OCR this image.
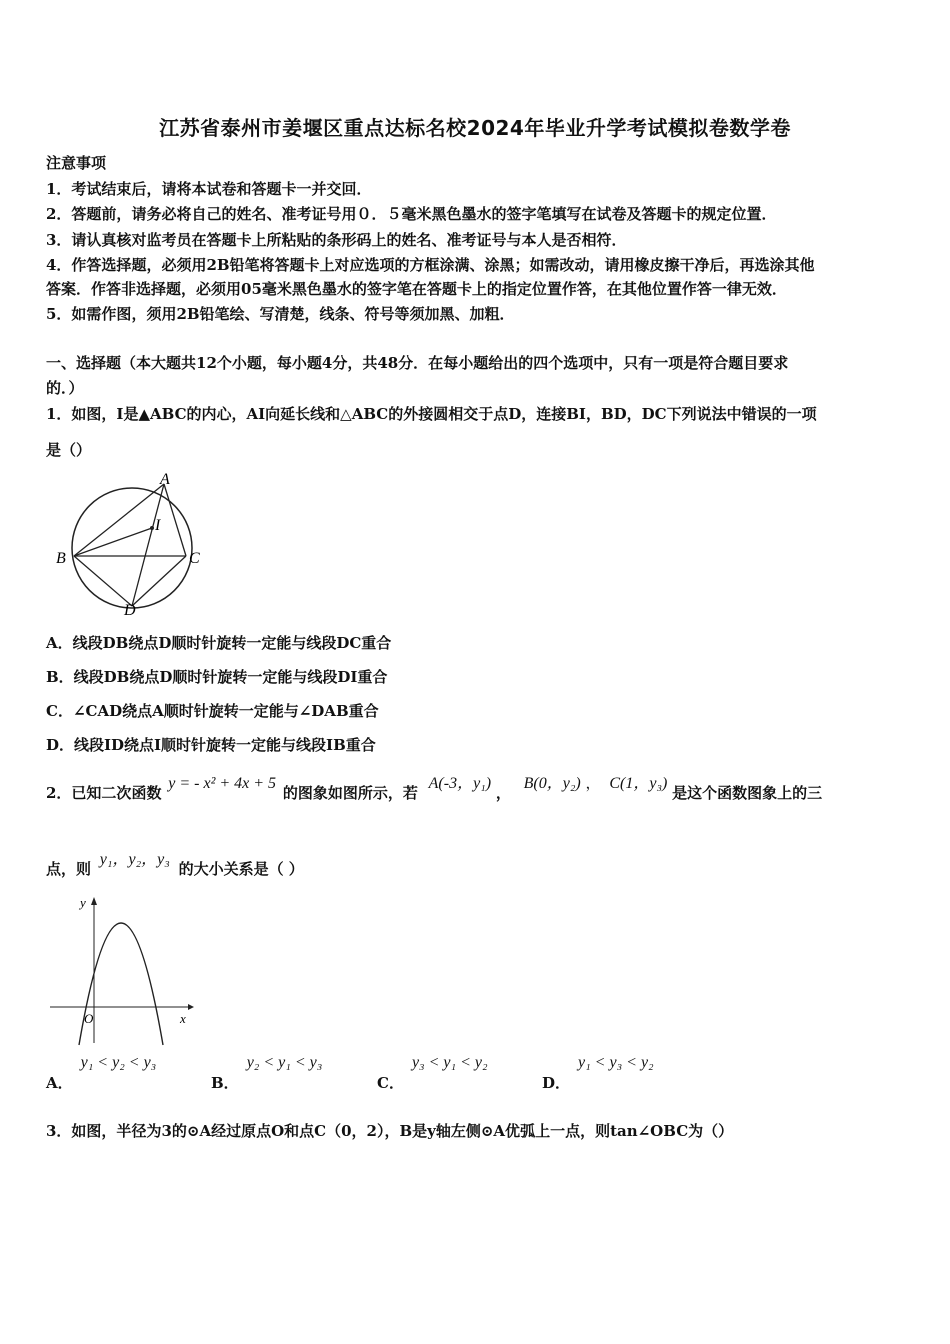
江苏省泰州市姜堰区重点达标名校2024年毕业升学考试模拟卷数学卷
注意事项
1．考试结束后，请将本试卷和答题卡一并交回．
2．答题前，请务必将自己的姓名、准考证号用０．５毫米黑色墨水的签字笔填写在试卷及答题卡的规定位置．
3．请认真核对监考员在答题卡上所粘贴的条形码上的姓名、准考证号与本人是否相符．
4．作答选择题，必须用2B铅笔将答题卡上对应选项的方框涂满、涂黑；如需改动，请用橡皮擦干净后，再选涂其他
答案．作答非选择题，必须用05毫米黑色墨水的签字笔在答题卡上的指定位置作答，在其他位置作答一律无效．
5．如需作图，须用2B铅笔绘、写清楚，线条、符号等须加黑、加粗．
一、选择题（本大题共12个小题，每小题4分，共48分．在每小题给出的四个选项中，只有一项是符合题目要求
的．）
1．如图，I是▲ABC的内心，AI向延长线和△ABC的外接圆相交于点D，连接BI，BD，DC下列说法中错误的一项
是（）
A
B	C
D
I
A．线段DB绕点D顺时针旋转一定能与线段DC重合
B．线段DB绕点D顺时针旋转一定能与线段DI重合
C．∠CAD绕点A顺时针旋转一定能与∠DAB重合
D．线段ID绕点I顺时针旋转一定能与线段IB重合
2．已知二次函数 y = - x² + 4x + 5 的图象如图所示，若 A(-3，y₁) ， B(0，y₂) ， C(1，y₃) 是这个函数图象上的三
点，则 y₁，y₂，y₃ 的大小关系是（ ）
y
x
O
A．y₁ < y₂ < y₃
B．y₂ < y₁ < y₃
C．y₃ < y₁ < y₂
D．y₁ < y₃ < y₂
3．如图，半径为3的⊙A经过原点O和点C（0，2），B是y轴左侧⊙A优弧上一点，则tan∠OBC为（）
